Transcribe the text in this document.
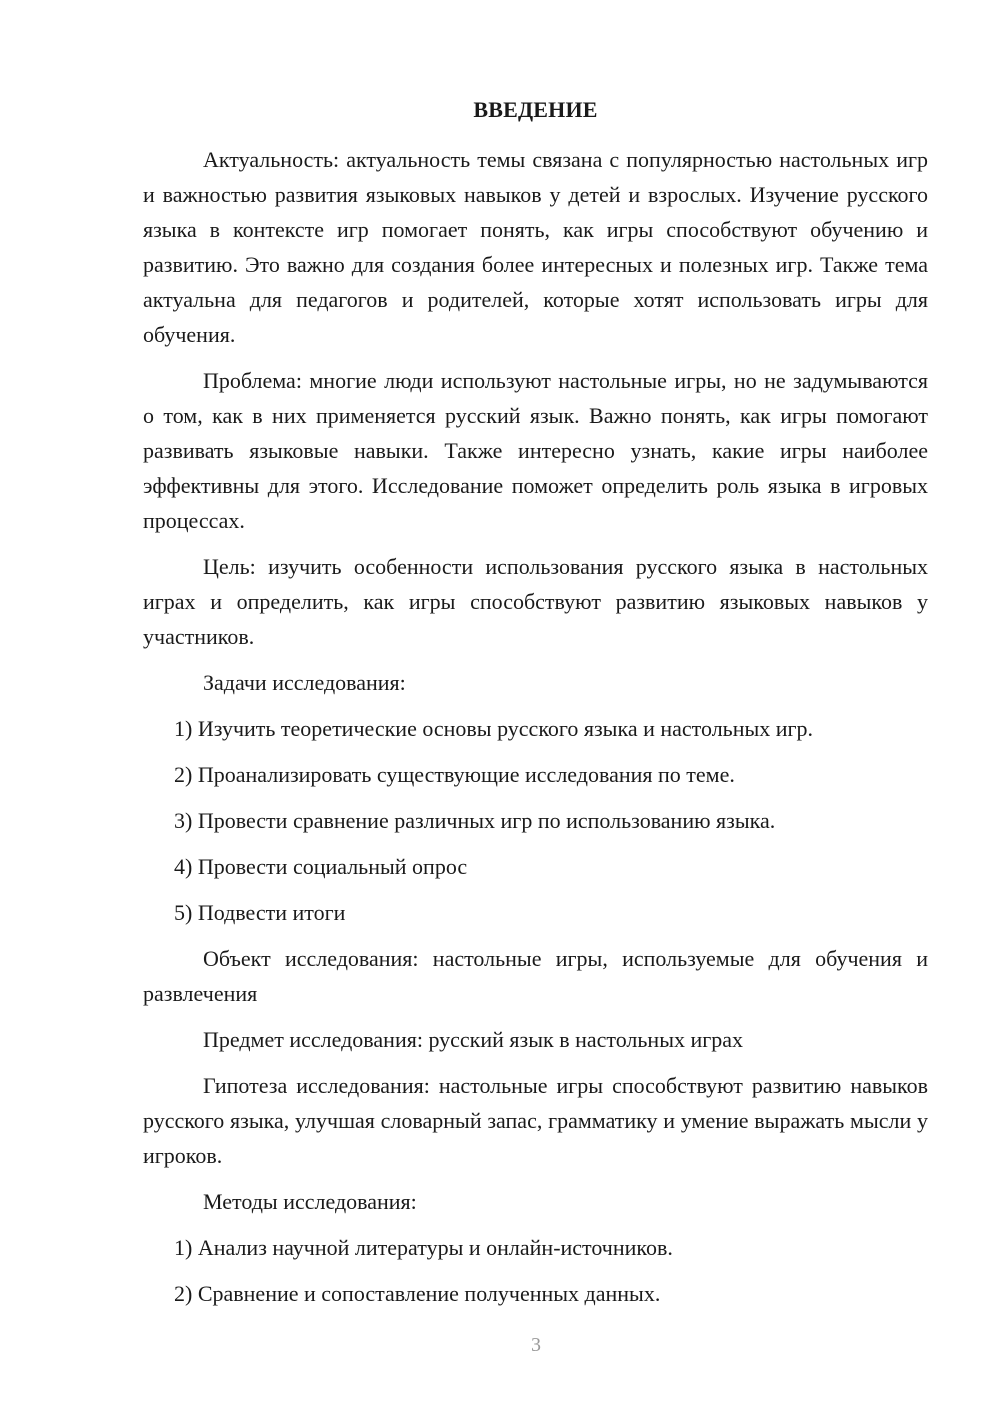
ВВЕДЕНИЕ

Актуальность: актуальность темы связана с популярностью настольных игр и важностью развития языковых навыков у детей и взрослых. Изучение русского языка в контексте игр помогает понять, как игры способствуют обучению и развитию. Это важно для создания более интересных и полезных игр. Также тема актуальна для педагогов и родителей, которые хотят использовать игры для обучения.

Проблема: многие люди используют настольные игры, но не задумываются о том, как в них применяется русский язык. Важно понять, как игры помогают развивать языковые навыки. Также интересно узнать, какие игры наиболее эффективны для этого. Исследование поможет определить роль языка в игровых процессах.

Цель: изучить особенности использования русского языка в настольных играх и определить, как игры способствуют развитию языковых навыков у участников.

Задачи исследования:

1) Изучить теоретические основы русского языка и настольных игр.

2) Проанализировать существующие исследования по теме.

3) Провести сравнение различных игр по использованию языка.

4) Провести социальный опрос

5) Подвести итоги

Объект исследования: настольные игры, используемые для обучения и развлечения

Предмет исследования: русский язык в настольных играх

Гипотеза исследования: настольные игры способствуют развитию навыков русского языка, улучшая словарный запас, грамматику и умение выражать мысли у игроков.

Методы исследования:

1) Анализ научной литературы и онлайн-источников.

2) Сравнение и сопоставление полученных данных.

3
